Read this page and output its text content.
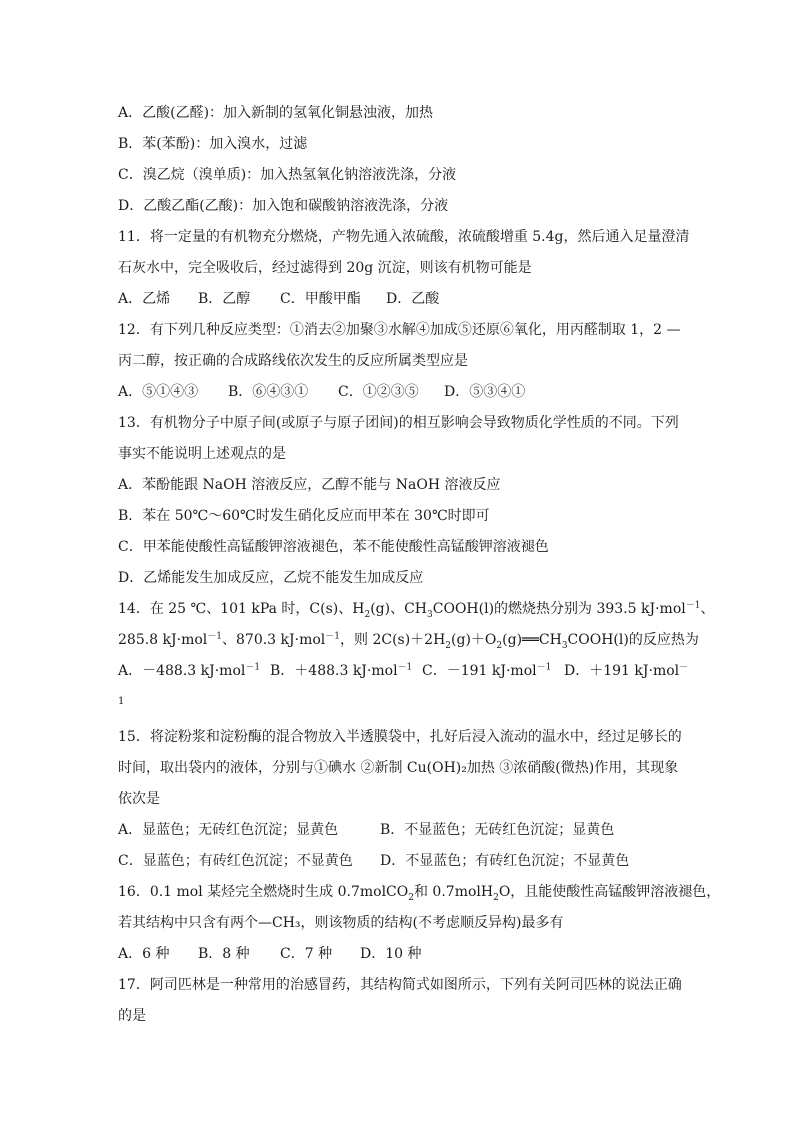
A．乙酸(乙醛)：加入新制的氢氧化铜悬浊液，加热
B．苯(苯酚)：加入溴水，过滤
C．溴乙烷（溴单质)：加入热氢氧化钠溶液洗涤，分液
D．乙酸乙酯(乙酸)：加入饱和碳酸钠溶液洗涤，分液
11．将一定量的有机物充分燃烧，产物先通入浓硫酸，浓硫酸增重 5.4g，然后通入足量澄清
石灰水中，完全吸收后，经过滤得到 20g 沉淀，则该有机物可能是
A．乙烯 B．乙醇 C．甲酸甲酯 D．乙酸
12．有下列几种反应类型：①消去②加聚③水解④加成⑤还原⑥氧化，用丙醛制取 1，2 —
丙二醇，按正确的合成路线依次发生的反应所属类型应是
A．⑤①④③ B．⑥④③① C．①②③⑤ D．⑤③④①
13．有机物分子中原子间(或原子与原子团间)的相互影响会导致物质化学性质的不同。下列
事实不能说明上述观点的是
A．苯酚能跟 NaOH 溶液反应，乙醇不能与 NaOH 溶液反应
B．苯在 50℃～60℃时发生硝化反应而甲苯在 30℃时即可
C．甲苯能使酸性高锰酸钾溶液褪色，苯不能使酸性高锰酸钾溶液褪色
D．乙烯能发生加成反应，乙烷不能发生加成反应
14．在 25 ℃、101 kPa 时，C(s)、$H_2(g)$、$CH_3COOH(l)$的燃烧热分别为 393.5 kJ·mol$^{-1}$、
285.8 kJ·mol$^{-1}$、870.3 kJ·mol$^{-1}$，则 $2C(s)+2H_2(g)+O_2(g)══CH_3COOH(l)$的反应热为
A．－488.3 kJ·mol$^{-1}$ B．＋488.3 kJ·mol$^{-1}$ C．－191 kJ·mol$^{-1}$ D．＋191 kJ·mol－
1
15．将淀粉浆和淀粉酶的混合物放入半透膜袋中，扎好后浸入流动的温水中，经过足够长的
时间，取出袋内的液体，分别与①碘水 ②新制 Cu(OH)₂加热 ③浓硝酸(微热)作用，其现象
依次是
A．显蓝色；无砖红色沉淀；显黄色	B．不显蓝色；无砖红色沉淀；显黄色
C．显蓝色；有砖红色沉淀；不显黄色 D．不显蓝色；有砖红色沉淀；不显黄色
16．0.1 mol 某烃完全燃烧时生成 0.7molCO$_2$和 0.7molH$_2$O，且能使酸性高锰酸钾溶液褪色，
若其结构中只含有两个—CH₃，则该物质的结构(不考虑顺反异构)最多有
A．6 种 B．8 种 C．7 种 D．10 种
17．阿司匹林是一种常用的治感冒药，其结构简式如图所示，下列有关阿司匹林的说法正确
的是
